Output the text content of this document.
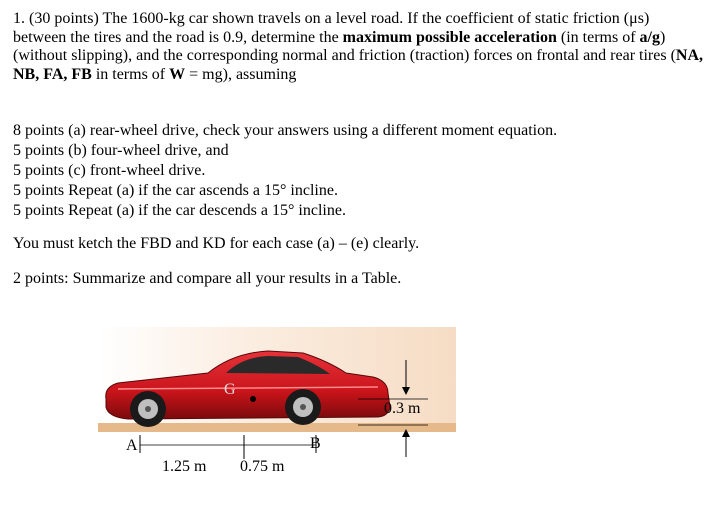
1. (30 points) The 1600-kg car shown travels on a level road. If the coefficient of static friction (μs) between the tires and the road is 0.9, determine the maximum possible acceleration (in terms of a/g) (without slipping), and the corresponding normal and friction (traction) forces on frontal and rear tires (NA, NB, FA, FB in terms of W = mg), assuming

8 points (a) rear-wheel drive, check your answers using a different moment equation.
5 points (b) four-wheel drive, and
5 points (c) front-wheel drive.
5 points Repeat (a) if the car ascends a 15° incline.
5 points Repeat (a) if the car descends a 15° incline.
You must ketch the FBD and KD for each case (a) – (e) clearly.
2 points: Summarize and compare all your results in a Table.
G
A	B
0.3 m
1.25 m 0.75 m
